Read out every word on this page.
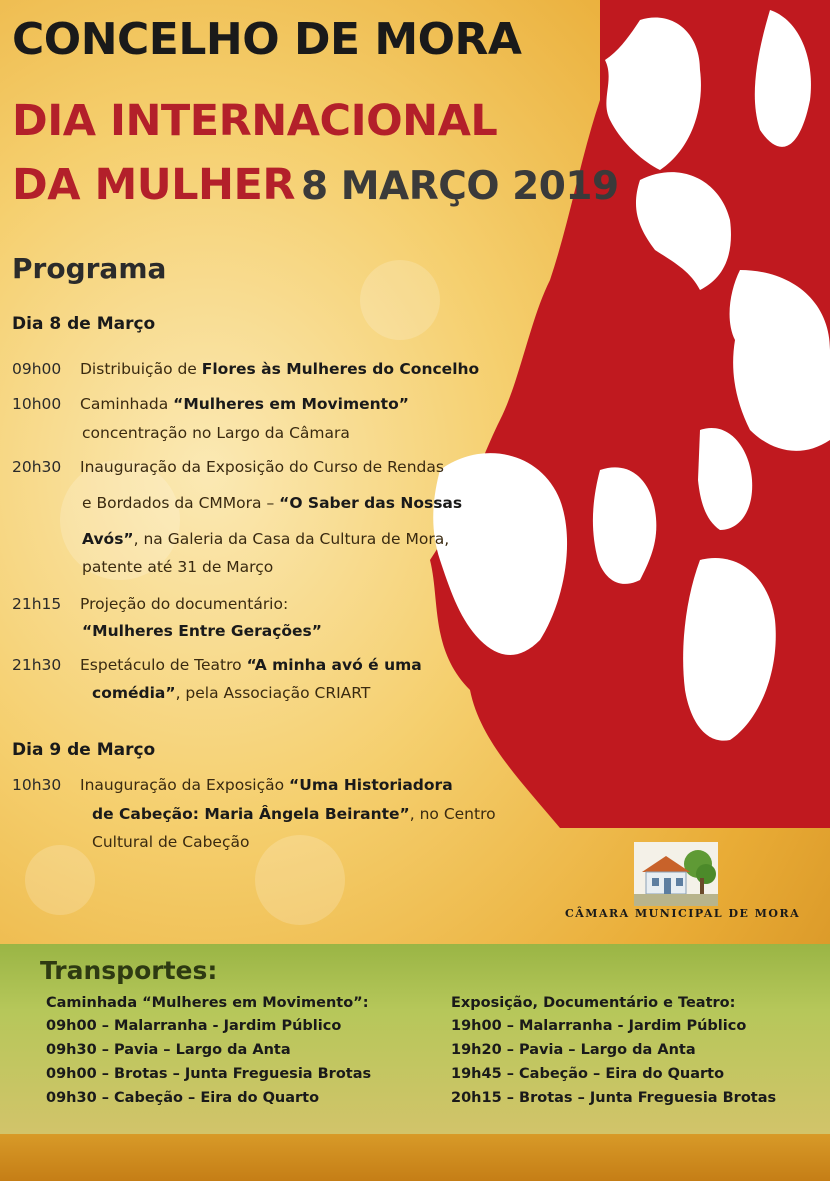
CONCELHO DE MORA
DIA INTERNACIONAL
DA MULHER 8 MARÇO 2019
Programa
Dia 8 de Março
09h00 Distribuição de Flores às Mulheres do Concelho
10h00 Caminhada “Mulheres em Movimento”
concentração no Largo da Câmara
20h30 Inauguração da Exposição do Curso de Rendas
e Bordados da CMMora – “O Saber das Nossas
Avós”, na Galeria da Casa da Cultura de Mora,
patente até 31 de Março
21h15 Projeção do documentário:
“Mulheres Entre Gerações”
21h30 Espetáculo de Teatro “A minha avó é uma
comédia”, pela Associação CRIART
Dia 9 de Março
10h30 Inauguração da Exposição “Uma Historiadora
de Cabeção: Maria Ângela Beirante”, no Centro
Cultural de Cabeção
CÂMARA MUNICIPAL DE MORA
Transportes:
Caminhada “Mulheres em Movimento”:
09h00 – Malarranha - Jardim Público
09h30 – Pavia – Largo da Anta
09h00 – Brotas – Junta Freguesia Brotas
09h30 – Cabeção – Eira do Quarto
Exposição, Documentário e Teatro:
19h00 – Malarranha - Jardim Público
19h20 – Pavia – Largo da Anta
19h45 – Cabeção – Eira do Quarto
20h15 – Brotas – Junta Freguesia Brotas
